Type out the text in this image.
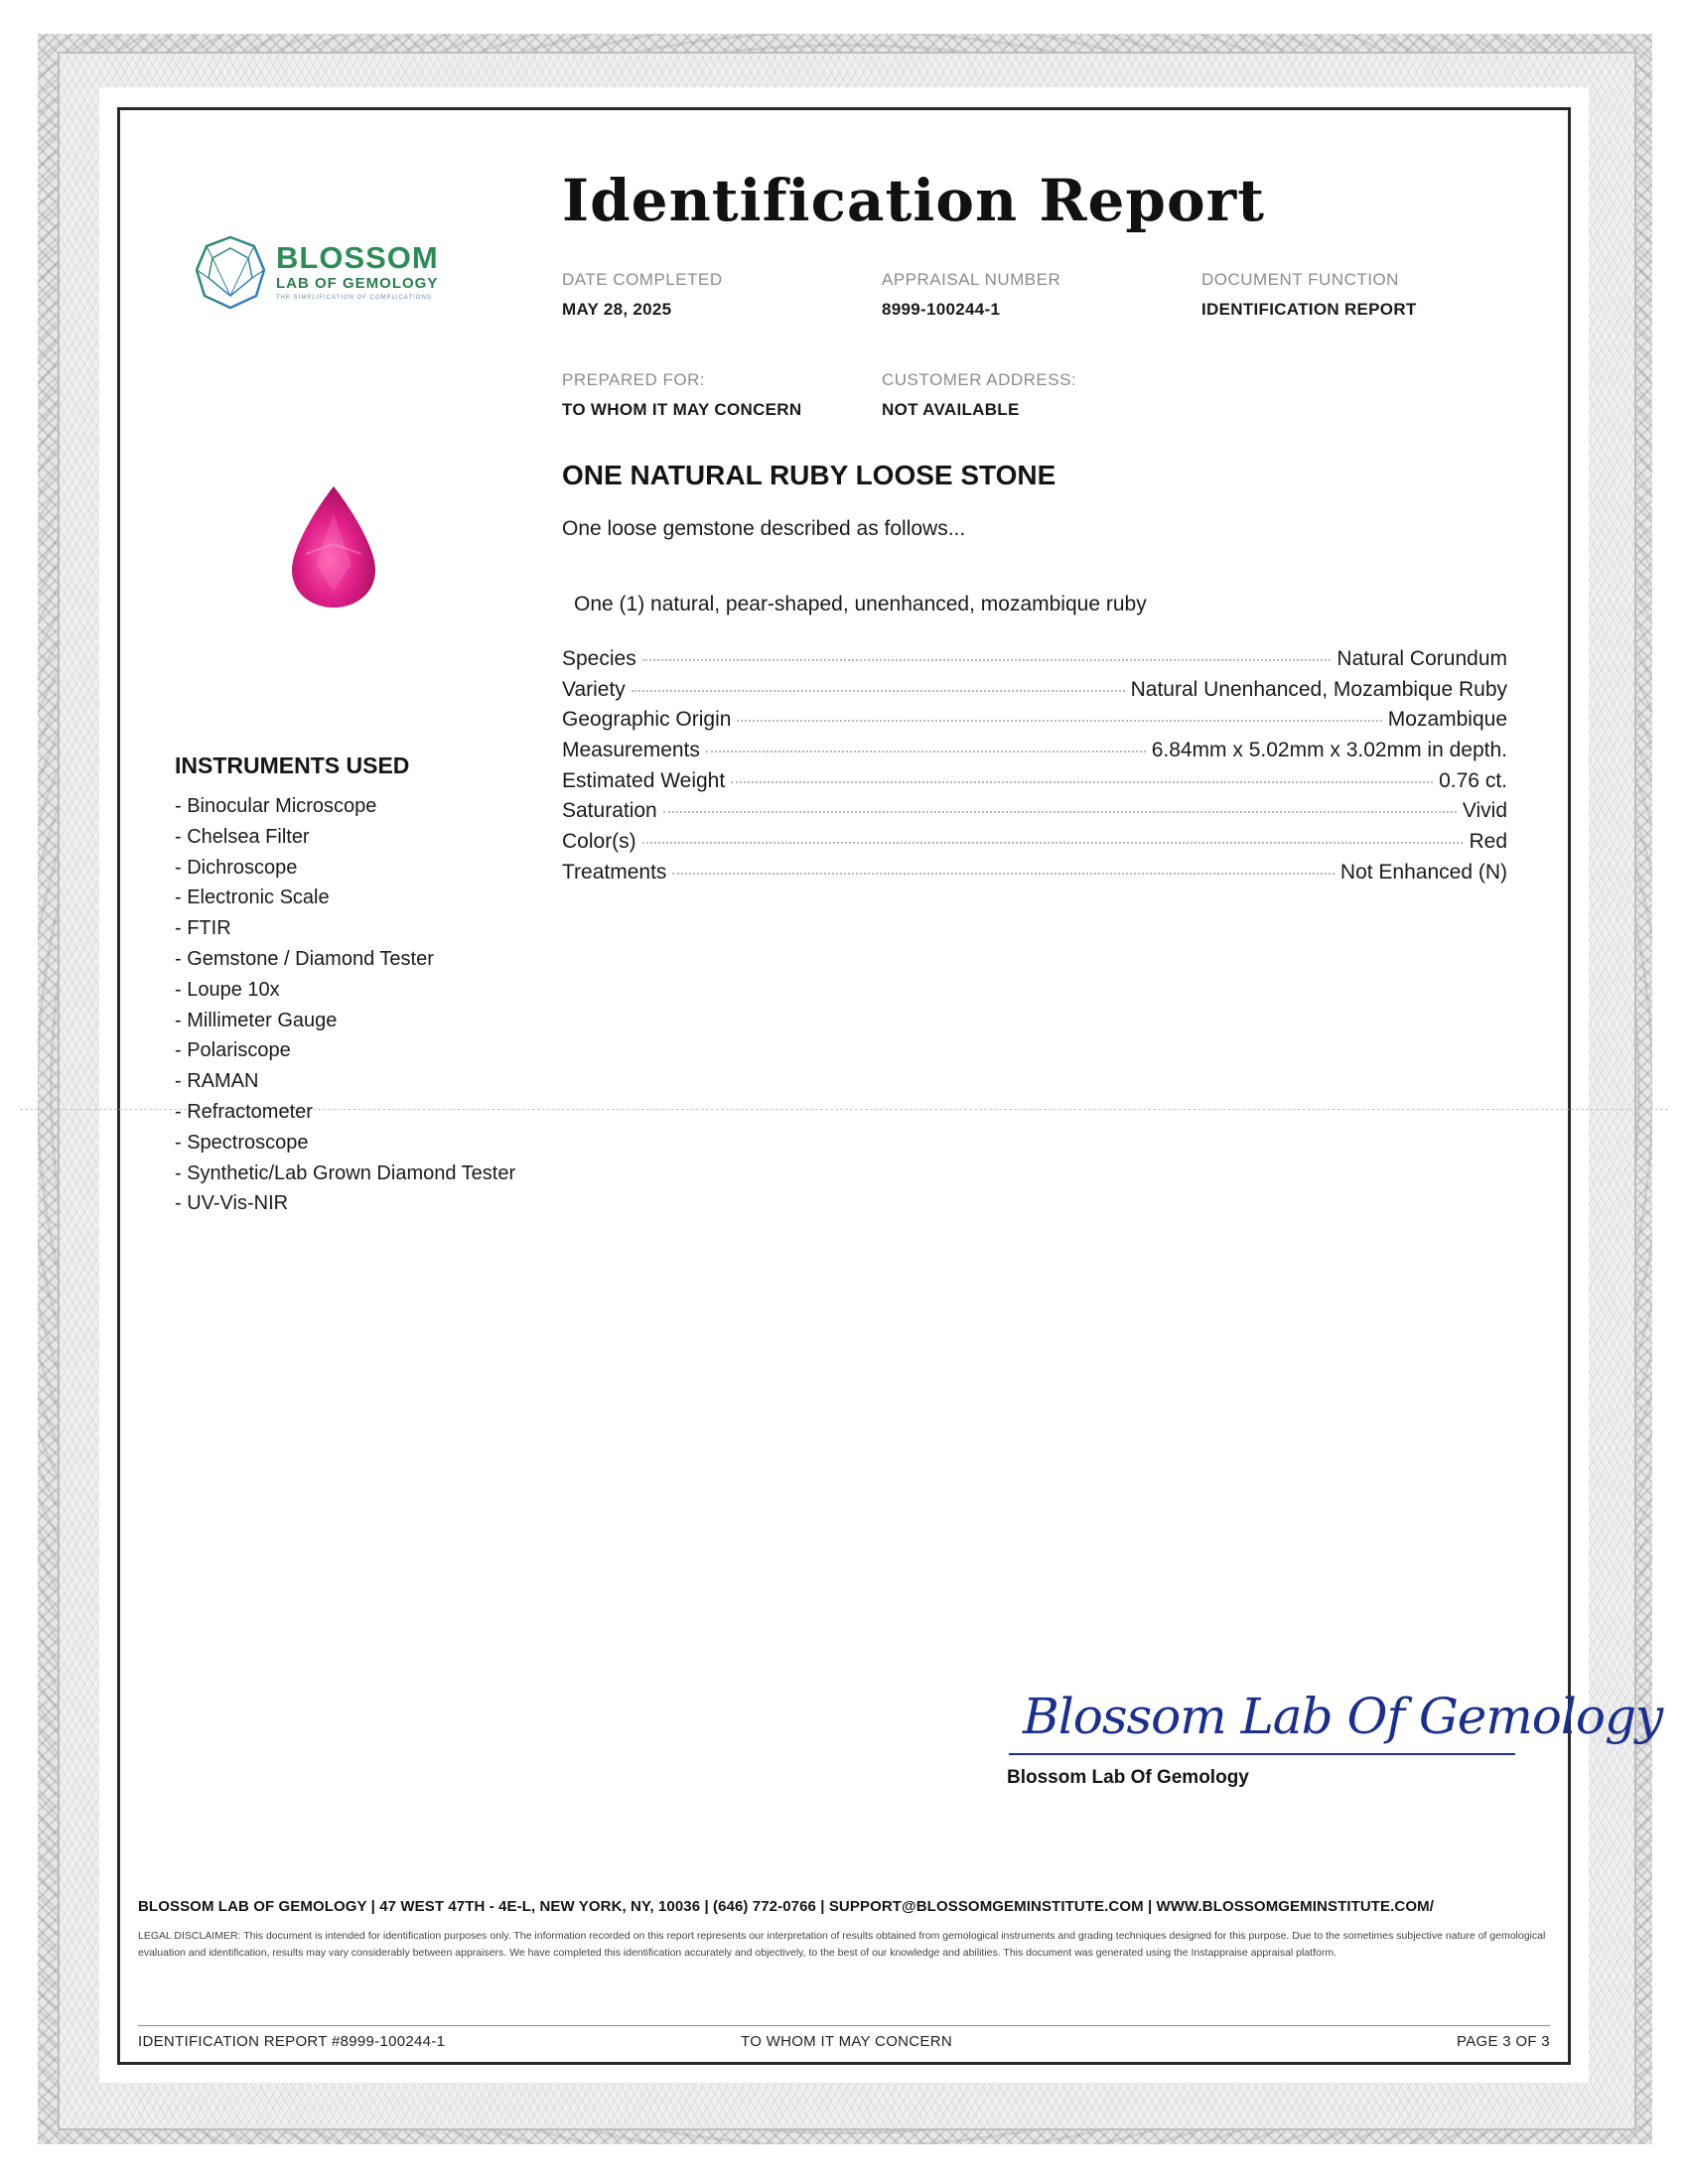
Identification Report
BLOSSOM
LAB OF GEMOLOGY
THE SIMPLIFICATION OF COMPLICATIONS
DATE COMPLETED
MAY 28, 2025
APPRAISAL NUMBER
8999-100244-1
DOCUMENT FUNCTION
IDENTIFICATION REPORT
PREPARED FOR:
TO WHOM IT MAY CONCERN
CUSTOMER ADDRESS:
NOT AVAILABLE
ONE NATURAL RUBY LOOSE STONE
One loose gemstone described as follows...
One (1) natural, pear-shaped, unenhanced, mozambique ruby
Species	Natural Corundum
Variety	Natural Unenhanced, Mozambique Ruby
Geographic Origin	Mozambique
Measurements	6.84mm x 5.02mm x 3.02mm in depth.
Estimated Weight	0.76 ct.
Saturation	Vivid
Color(s)	Red
Treatments	Not Enhanced (N)
INSTRUMENTS USED
- Binocular Microscope
- Chelsea Filter
- Dichroscope
- Electronic Scale
- FTIR
- Gemstone / Diamond Tester
- Loupe 10x
- Millimeter Gauge
- Polariscope
- RAMAN
- Refractometer
- Spectroscope
- Synthetic/Lab Grown Diamond Tester
- UV-Vis-NIR
Blossom Lab Of Gemology
Blossom Lab Of Gemology
BLOSSOM LAB OF GEMOLOGY | 47 WEST 47TH - 4E-L, NEW YORK, NY, 10036 | (646) 772-0766 | SUPPORT@BLOSSOMGEMINSTITUTE.COM | WWW.BLOSSOMGEMINSTITUTE.COM/
LEGAL DISCLAIMER: This document is intended for identification purposes only. The information recorded on this report represents our interpretation of results obtained from gemological instruments and grading techniques designed for this purpose. Due to the sometimes subjective nature of gemological evaluation and identification, results may vary considerably between appraisers. We have completed this identification accurately and objectively, to the best of our knowledge and abilities. This document was generated using the Instappraise appraisal platform.
IDENTIFICATION REPORT #8999-100244-1	TO WHOM IT MAY CONCERN	PAGE 3 OF 3
